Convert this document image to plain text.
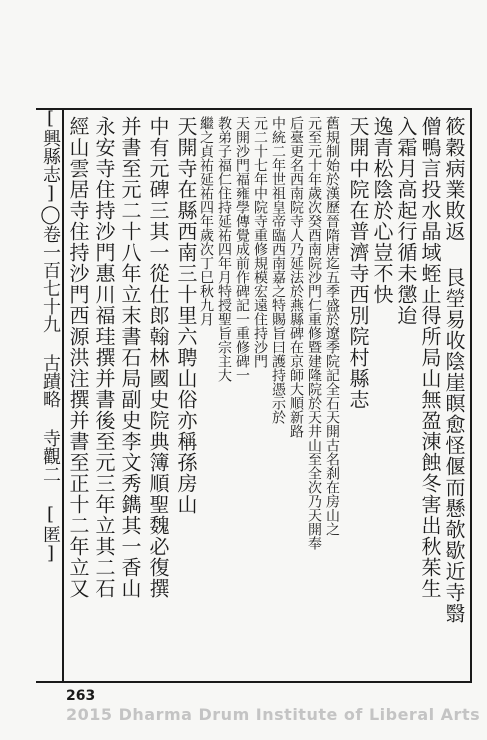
[興縣志]◯卷一百七十九 古蹟略 寺觀二 [匿]	筱穀病業敗返 艮塋易收陰崖瞑愈怪偃而懸欹歇近寺翳
僧鴨言投水晶域蛭止得所局山無盈涷蝕冬害出秋茱生
入霜月高起行循未懲迨
逸青松陰於心豈不快
天開中院在普濟寺西別院村縣志
舊規制始於漢歷晉隋唐迄五季盛於遼季院記全石天開古名刹在房山之
元至元十年歲次癸酉南院沙門仁重修暨建隆院於天井山至全次乃天開奉
后臺更名西南院寺人乃延法於燕縣碑在京師大順新路
中統二年世祖皇帝臨西南嘉之特賜旨曰護持憑示於
元二十七年中院寺重修規模宏遠住持沙門
天開沙門福雍學傳覺成前作碑記一重修碑一
教弟子福仁住持延祐四年月特授聖旨宗主大
繼之貞祐延祐四年歲次丁巳秋九月
天開寺在縣西南三十里六聘山俗亦稱孫房山
中有元碑三其一從仕郎翰林國史院典簿順聖魏必復撰
并書至元二十八年立末書石局副史李文秀鐫其一香山
永安寺住持沙門惠川福珪撰并書後至元三年立其二石
經山雲居寺住持沙門西源洪注撰并書至正十二年立又
263
2015 Dharma Drum Institute of Liberal Arts
